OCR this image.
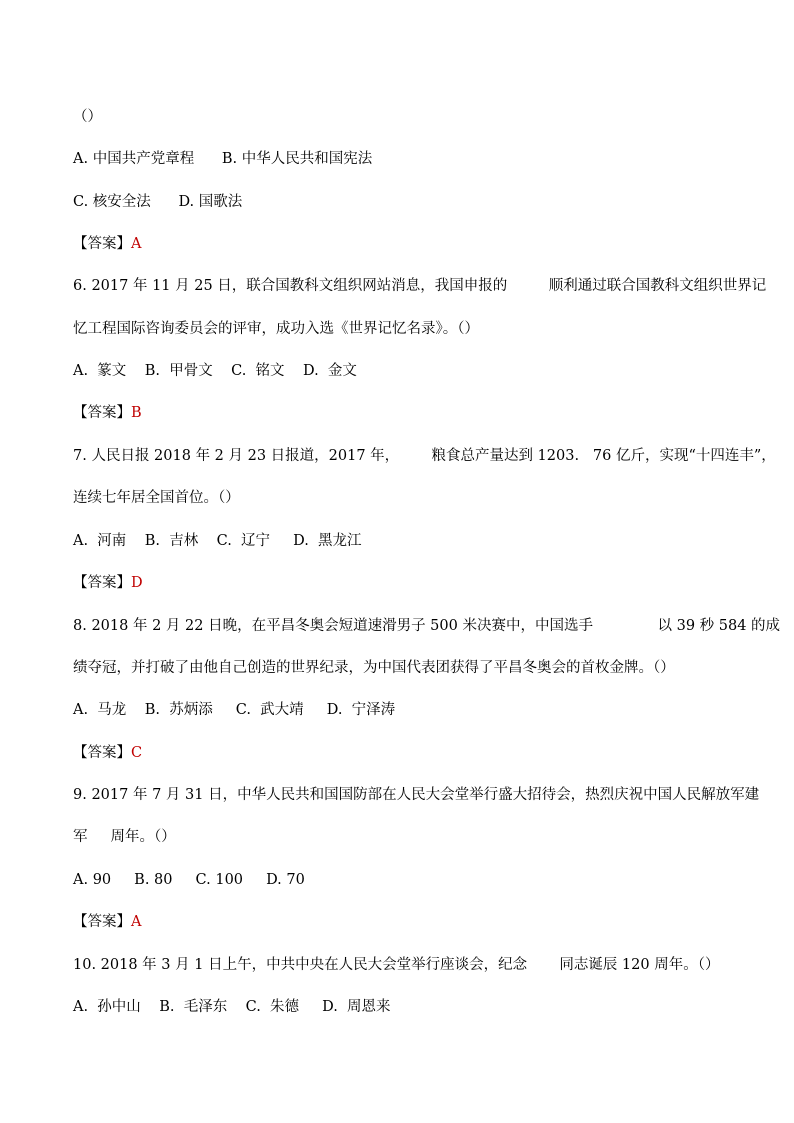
（）
A. 中国共产党章程      B. 中华人民共和国宪法
C. 核安全法      D. 国歌法
【答案】A
6. 2017 年 11 月 25 日，联合国教科文组织网站消息，我国申报的         顺利通过联合国教科文组织世界记
忆工程国际咨询委员会的评审，成功入选《世界记忆名录》。（）
A.  篆文    B.  甲骨文    C.  铭文    D.  金文
【答案】B
7. 人民日报 2018 年 2 月 23 日报道，2017 年，       粮食总产量达到 1203.   76 亿斤，实现“十四连丰”，
连续七年居全国首位。（）
A.  河南    B.  吉林    C.  辽宁     D.  黑龙江
【答案】D
8. 2018 年 2 月 22 日晚，在平昌冬奥会短道速滑男子 500 米决赛中，中国选手              以 39 秒 584 的成
绩夺冠，并打破了由他自己创造的世界纪录，为中国代表团获得了平昌冬奥会的首枚金牌。（）
A.  马龙    B.  苏炳添     C.  武大靖     D.  宁泽涛
【答案】C
9. 2017 年 7 月 31 日，中华人民共和国国防部在人民大会堂举行盛大招待会，热烈庆祝中国人民解放军建
军     周年。（）
A. 90     B. 80     C. 100     D. 70
【答案】A
10. 2018 年 3 月 1 日上午，中共中央在人民大会堂举行座谈会，纪念       同志诞辰 120 周年。（）
A.  孙中山    B.  毛泽东    C.  朱德     D.  周恩来
